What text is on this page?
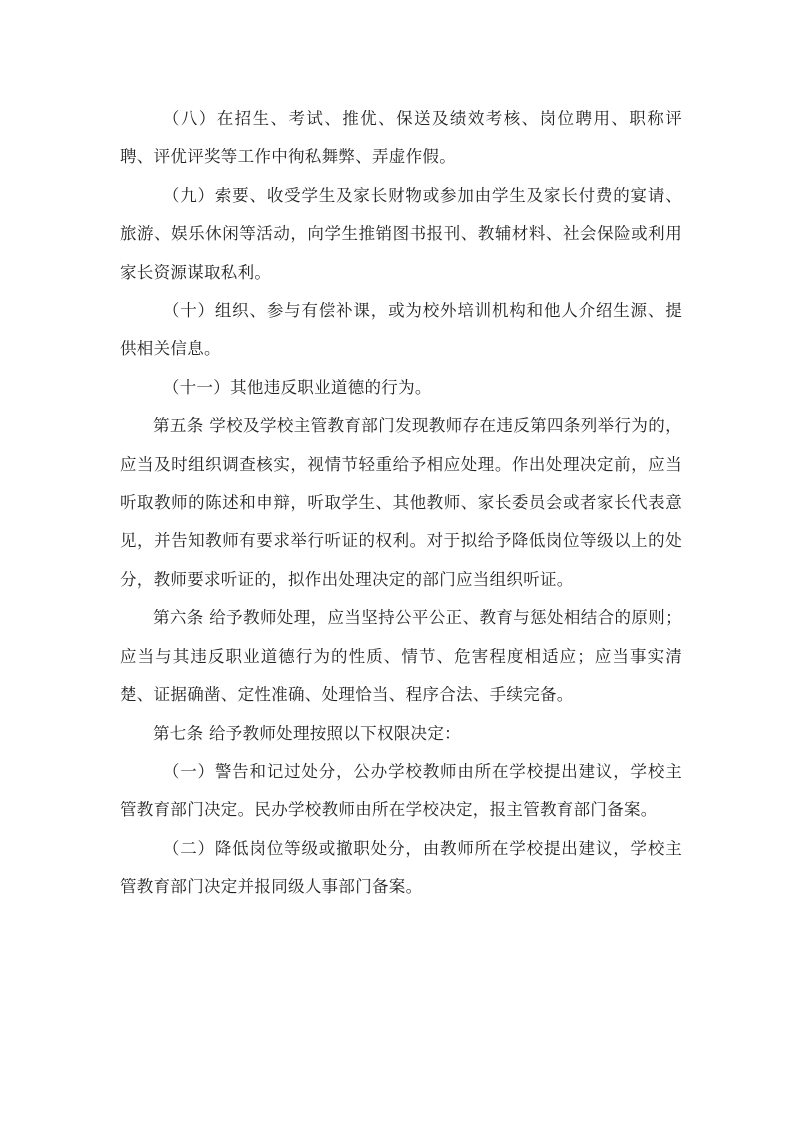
（八）在招生、考试、推优、保送及绩效考核、岗位聘用、职称评聘、评优评奖等工作中徇私舞弊、弄虚作假。

（九）索要、收受学生及家长财物或参加由学生及家长付费的宴请、旅游、娱乐休闲等活动，向学生推销图书报刊、教辅材料、社会保险或利用家长资源谋取私利。

（十）组织、参与有偿补课，或为校外培训机构和他人介绍生源、提供相关信息。

（十一）其他违反职业道德的行为。

第五条 学校及学校主管教育部门发现教师存在违反第四条列举行为的，应当及时组织调查核实，视情节轻重给予相应处理。作出处理决定前，应当听取教师的陈述和申辩，听取学生、其他教师、家长委员会或者家长代表意见，并告知教师有要求举行听证的权利。对于拟给予降低岗位等级以上的处分，教师要求听证的，拟作出处理决定的部门应当组织听证。

第六条 给予教师处理，应当坚持公平公正、教育与惩处相结合的原则；应当与其违反职业道德行为的性质、情节、危害程度相适应；应当事实清楚、证据确凿、定性准确、处理恰当、程序合法、手续完备。

第七条 给予教师处理按照以下权限决定：

（一）警告和记过处分，公办学校教师由所在学校提出建议，学校主管教育部门决定。民办学校教师由所在学校决定，报主管教育部门备案。

（二）降低岗位等级或撤职处分，由教师所在学校提出建议，学校主管教育部门决定并报同级人事部门备案。
